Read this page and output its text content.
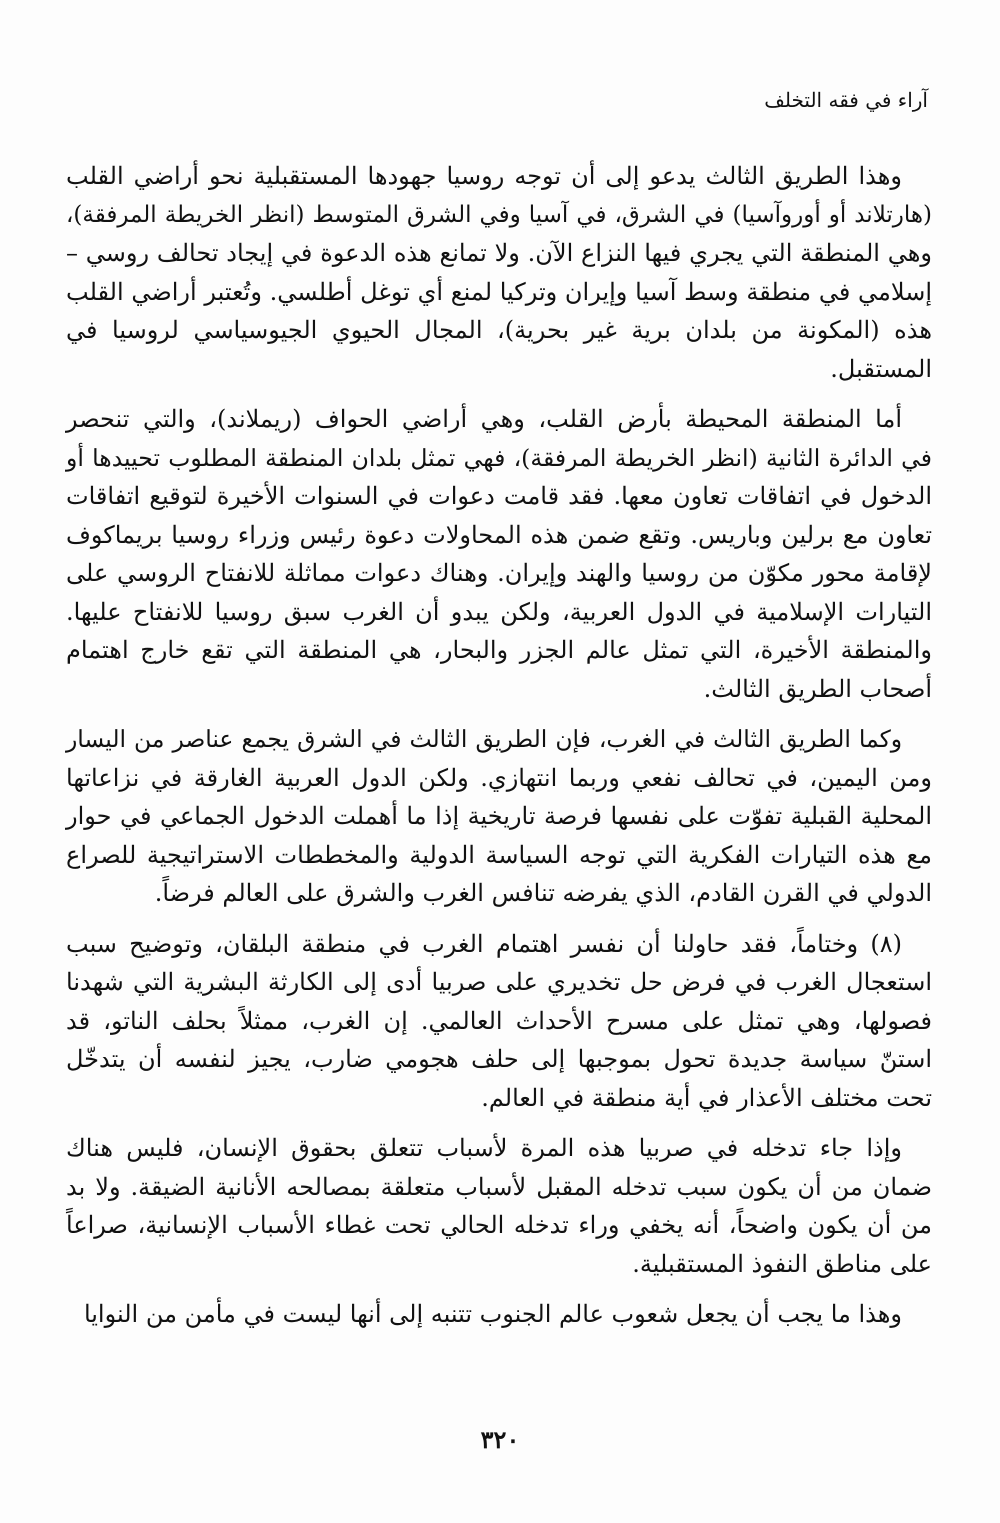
آراء في فقه التخلف

وهذا الطريق الثالث يدعو إلى أن توجه روسيا جهودها المستقبلية نحو أراضي القلب
(هارتلاند أو أوروآسيا) في الشرق، في آسيا وفي الشرق المتوسط (انظر الخريطة المرفقة)،
وهي المنطقة التي يجري فيها النزاع الآن. ولا تمانع هذه الدعوة في إيجاد تحالف روسي –
إسلامي في منطقة وسط آسيا وإيران وتركيا لمنع أي توغل أطلسي. وتُعتبر أراضي القلب
هذه (المكونة من بلدان برية غير بحرية)، المجال الحيوي الجيوسياسي لروسيا في
المستقبل.

أما المنطقة المحيطة بأرض القلب، وهي أراضي الحواف (ريملاند)، والتي تنحصر
في الدائرة الثانية (انظر الخريطة المرفقة)، فهي تمثل بلدان المنطقة المطلوب تحييدها أو
الدخول في اتفاقات تعاون معها. فقد قامت دعوات في السنوات الأخيرة لتوقيع اتفاقات
تعاون مع برلين وباريس. وتقع ضمن هذه المحاولات دعوة رئيس وزراء روسيا بريماكوف
لإقامة محور مكوّن من روسيا والهند وإيران. وهناك دعوات مماثلة للانفتاح الروسي على
التيارات الإسلامية في الدول العربية، ولكن يبدو أن الغرب سبق روسيا للانفتاح عليها.
والمنطقة الأخيرة، التي تمثل عالم الجزر والبحار، هي المنطقة التي تقع خارج اهتمام
أصحاب الطريق الثالث.

وكما الطريق الثالث في الغرب، فإن الطريق الثالث في الشرق يجمع عناصر من اليسار
ومن اليمين، في تحالف نفعي وربما انتهازي. ولكن الدول العربية الغارقة في نزاعاتها
المحلية القبلية تفوّت على نفسها فرصة تاريخية إذا ما أهملت الدخول الجماعي في حوار
مع هذه التيارات الفكرية التي توجه السياسة الدولية والمخططات الاستراتيجية للصراع
الدولي في القرن القادم، الذي يفرضه تنافس الغرب والشرق على العالم فرضاً.

(٨) وختاماً، فقد حاولنا أن نفسر اهتمام الغرب في منطقة البلقان، وتوضيح سبب
استعجال الغرب في فرض حل تخديري على صربيا أدى إلى الكارثة البشرية التي شهدنا
فصولها، وهي تمثل على مسرح الأحداث العالمي. إن الغرب، ممثلاً بحلف الناتو، قد
استنّ سياسة جديدة تحول بموجبها إلى حلف هجومي ضارب، يجيز لنفسه أن يتدخّل
تحت مختلف الأعذار في أية منطقة في العالم.

وإذا جاء تدخله في صربيا هذه المرة لأسباب تتعلق بحقوق الإنسان، فليس هناك
ضمان من أن يكون سبب تدخله المقبل لأسباب متعلقة بمصالحه الأنانية الضيقة. ولا بد
من أن يكون واضحاً، أنه يخفي وراء تدخله الحالي تحت غطاء الأسباب الإنسانية، صراعاً
على مناطق النفوذ المستقبلية.

وهذا ما يجب أن يجعل شعوب عالم الجنوب تتنبه إلى أنها ليست في مأمن من النوايا

٣٢٠
